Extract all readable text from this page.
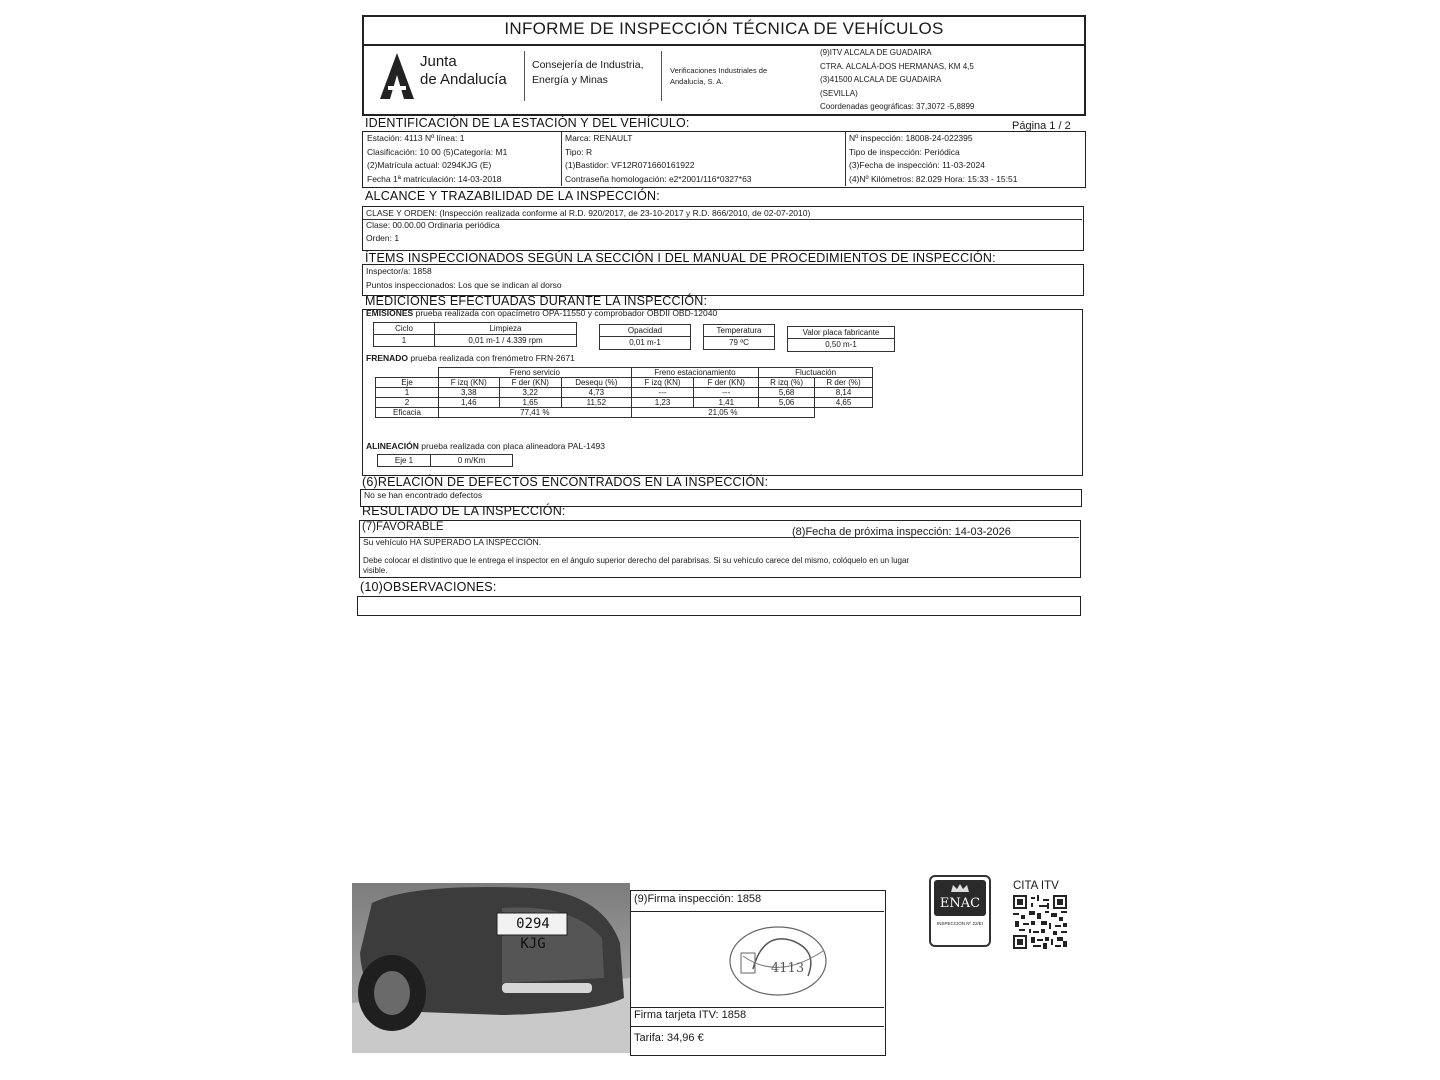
INFORME DE INSPECCIÓN TÉCNICA DE VEHÍCULOS
Junta
de Andalucía
Consejería de Industria,
Energía y Minas
Verificaciones Industriales de
Andalucía, S. A.
(9)ITV ALCALA DE GUADAIRA
CTRA. ALCALÁ-DOS HERMANAS, KM 4,5
(3)41500 ALCALA DE GUADAIRA
(SEVILLA)
Coordenadas geográficas: 37,3072 -5,8899
IDENTIFICACIÓN DE LA ESTACIÓN Y DEL VEHÍCULO:	Página 1 / 2
Estación: 4113 Nº línea: 1
Clasificación: 10 00 (5)Categoría: M1
(2)Matrícula actual: 0294KJG (E)
Fecha 1ª matriculación: 14-03-2018
Marca: RENAULT
Tipo: R
(1)Bastidor: VF12R071660161922
Contraseña homologación: e2*2001/116*0327*63
Nº inspección: 18008-24-022395
Tipo de inspección: Periódica
(3)Fecha de inspección: 11-03-2024
(4)Nº Kilómetros: 82.029 Hora: 15:33 - 15:51
ALCANCE Y TRAZABILIDAD DE LA INSPECCIÓN:
CLASE Y ORDEN: (Inspección realizada conforme al R.D. 920/2017, de 23-10-2017 y R.D. 866/2010, de 02-07-2010)
Clase: 00.00.00 Ordinaria periódica
Orden: 1
ÍTEMS INSPECCIONADOS SEGÚN LA SECCIÓN I DEL MANUAL DE PROCEDIMIENTOS DE INSPECCIÓN:
Inspector/a: 1858
Puntos inspeccionados: Los que se indican al dorso
MEDICIONES EFECTUADAS DURANTE LA INSPECCIÓN:
EMISIONES prueba realizada con opacímetro OPA-11550 y comprobador OBDII OBD-12040
Ciclo	Limpieza
1	0,01 m-1 / 4.339 rpm
Opacidad
0,01 m-1
Temperatura
79 ºC
Valor placa fabricante
0,50 m-1
FRENADO prueba realizada con frenómetro FRN-2671
	Freno servicio			Freno estacionamiento		Fluctuación	
Eje	F izq (KN)	F der (KN)	Desequ (%)	F izq (KN)	F der (KN)	R izq (%)	R der (%)
1	3,38	3,22	4,73	---	---	5,68	8,14
2	1,46	1,65	11,52	1,23	1,41	5,06	4,65
Eficacia	77,41 %			21,05 %			
ALINEACIÓN prueba realizada con placa alineadora PAL-1493
Eje 1	0 m/Km
(6)RELACIÓN DE DEFECTOS ENCONTRADOS EN LA INSPECCIÓN:
No se han encontrado defectos
RESULTADO DE LA INSPECCIÓN:
(7)FAVORABLE	(8)Fecha de próxima inspección: 14-03-2026
Su vehículo HA SUPERADO LA INSPECCIÓN.
Debe colocar el distintivo que le entrega el inspector en el ángulo superior derecho del parabrisas. Si su vehículo carece del mismo, colóquelo en un lugar
visible.
(10)OBSERVACIONES:
0294 KJG
(9)Firma inspección: 1858
4113
Firma tarjeta ITV: 1858
Tarifa: 34,96 €
ENAC
INSPECCIÓN Nº 22/EI
CITA ITV
